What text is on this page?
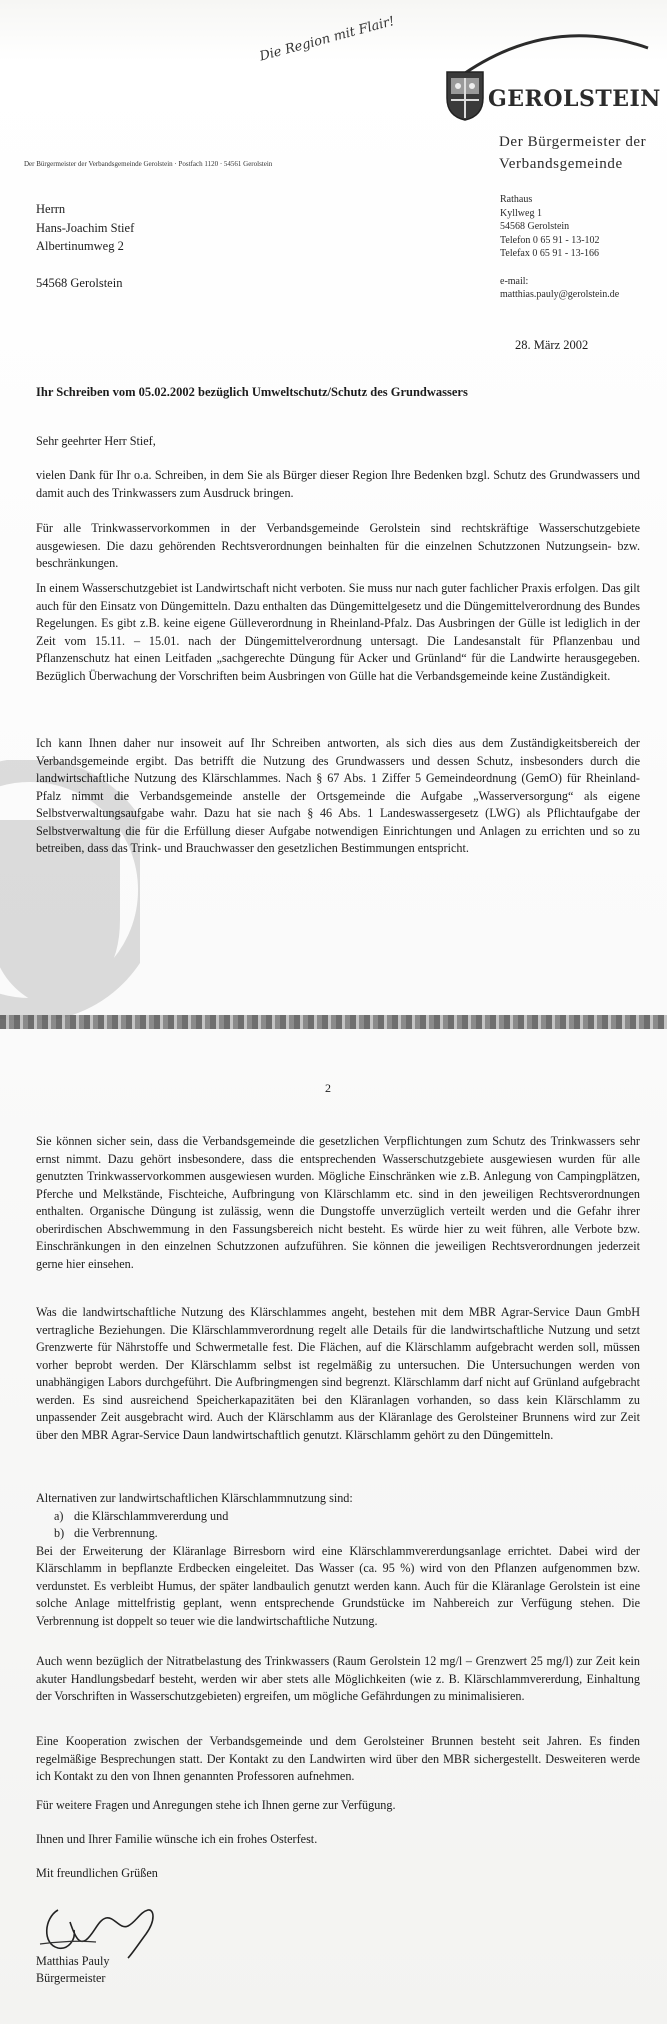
Die Region mit Flair!
GEROLSTEIN
Der Bürgermeister der
Verbandsgemeinde
Der Bürgermeister der Verbandsgemeinde Gerolstein · Postfach 1120 · 54561 Gerolstein
Herrn
Hans-Joachim Stief
Albertinumweg 2
54568 Gerolstein
Rathaus
Kyllweg 1
54568 Gerolstein
Telefon 0 65 91 - 13-102
Telefax 0 65 91 - 13-166
e-mail:
matthias.pauly@gerolstein.de
28. März 2002
Ihr Schreiben vom 05.02.2002 bezüglich Umweltschutz/Schutz des Grundwassers
Sehr geehrter Herr Stief,
vielen Dank für Ihr o.a. Schreiben, in dem Sie als Bürger dieser Region Ihre Bedenken bzgl. Schutz des Grundwassers und damit auch des Trinkwassers zum Ausdruck bringen.
Für alle Trinkwasservorkommen in der Verbandsgemeinde Gerolstein sind rechtskräftige Wasserschutzgebiete ausgewiesen. Die dazu gehörenden Rechtsverordnungen beinhalten für die einzelnen Schutzzonen Nutzungsein- bzw. beschränkungen.
In einem Wasserschutzgebiet ist Landwirtschaft nicht verboten. Sie muss nur nach guter fachlicher Praxis erfolgen. Das gilt auch für den Einsatz von Düngemitteln. Dazu enthalten das Düngemittelgesetz und die Düngemittelverordnung des Bundes Regelungen. Es gibt z.B. keine eigene Gülleverordnung in Rheinland-Pfalz. Das Ausbringen der Gülle ist lediglich in der Zeit vom 15.11. – 15.01. nach der Düngemittelverordnung untersagt. Die Landesanstalt für Pflanzenbau und Pflanzenschutz hat einen Leitfaden „sachgerechte Düngung für Acker und Grünland“ für die Landwirte herausgegeben. Bezüglich Überwachung der Vorschriften beim Ausbringen von Gülle hat die Verbandsgemeinde keine Zuständigkeit.
Ich kann Ihnen daher nur insoweit auf Ihr Schreiben antworten, als sich dies aus dem Zuständigkeitsbereich der Verbandsgemeinde ergibt. Das betrifft die Nutzung des Grundwassers und dessen Schutz, insbesonders durch die landwirtschaftliche Nutzung des Klärschlammes. Nach § 67 Abs. 1 Ziffer 5 Gemeindeordnung (GemO) für Rheinland-Pfalz nimmt die Verbandsgemeinde anstelle der Ortsgemeinde die Aufgabe „Wasserversorgung“ als eigene Selbstverwaltungsaufgabe wahr. Dazu hat sie nach § 46 Abs. 1 Landeswassergesetz (LWG) als Pflichtaufgabe der Selbstverwaltung die für die Erfüllung dieser Aufgabe notwendigen Einrichtungen und Anlagen zu errichten und so zu betreiben, dass das Trink- und Brauchwasser den gesetzlichen Bestimmungen entspricht.
2
Sie können sicher sein, dass die Verbandsgemeinde die gesetzlichen Verpflichtungen zum Schutz des Trinkwassers sehr ernst nimmt. Dazu gehört insbesondere, dass die entsprechenden Wasserschutzgebiete ausgewiesen wurden für alle genutzten Trinkwasservorkommen ausgewiesen wurden. Mögliche Einschränken wie z.B. Anlegung von Campingplätzen, Pferche und Melkstände, Fischteiche, Aufbringung von Klärschlamm etc. sind in den jeweiligen Rechtsverordnungen enthalten. Organische Düngung ist zulässig, wenn die Dungstoffe unverzüglich verteilt werden und die Gefahr ihrer oberirdischen Abschwemmung in den Fassungsbereich nicht besteht. Es würde hier zu weit führen, alle Verbote bzw. Einschränkungen in den einzelnen Schutzzonen aufzuführen. Sie können die jeweiligen Rechtsverordnungen jederzeit gerne hier einsehen.
Was die landwirtschaftliche Nutzung des Klärschlammes angeht, bestehen mit dem MBR Agrar-Service Daun GmbH vertragliche Beziehungen. Die Klärschlammverordnung regelt alle Details für die landwirtschaftliche Nutzung und setzt Grenzwerte für Nährstoffe und Schwermetalle fest. Die Flächen, auf die Klärschlamm aufgebracht werden soll, müssen vorher beprobt werden. Der Klärschlamm selbst ist regelmäßig zu untersuchen. Die Untersuchungen werden von unabhängigen Labors durchgeführt. Die Aufbringmengen sind begrenzt. Klärschlamm darf nicht auf Grünland aufgebracht werden. Es sind ausreichend Speicherkapazitäten bei den Kläranlagen vorhanden, so dass kein Klärschlamm zu unpassender Zeit ausgebracht wird. Auch der Klärschlamm aus der Kläranlage des Gerolsteiner Brunnens wird zur Zeit über den MBR Agrar-Service Daun landwirtschaftlich genutzt. Klärschlamm gehört zu den Düngemitteln.
Alternativen zur landwirtschaftlichen Klärschlammnutzung sind:
a) die Klärschlammvererdung und
b) die Verbrennung.
Bei der Erweiterung der Kläranlage Birresborn wird eine Klärschlammvererdungsanlage errichtet. Dabei wird der Klärschlamm in bepflanzte Erdbecken eingeleitet. Das Wasser (ca. 95 %) wird von den Pflanzen aufgenommen bzw. verdunstet. Es verbleibt Humus, der später landbaulich genutzt werden kann. Auch für die Kläranlage Gerolstein ist eine solche Anlage mittelfristig geplant, wenn entsprechende Grundstücke im Nahbereich zur Verfügung stehen. Die Verbrennung ist doppelt so teuer wie die landwirtschaftliche Nutzung.
Auch wenn bezüglich der Nitratbelastung des Trinkwassers (Raum Gerolstein 12 mg/l – Grenzwert 25 mg/l) zur Zeit kein akuter Handlungsbedarf besteht, werden wir aber stets alle Möglichkeiten (wie z. B. Klärschlammvererdung, Einhaltung der Vorschriften in Wasserschutzgebieten) ergreifen, um mögliche Gefährdungen zu minimalisieren.
Eine Kooperation zwischen der Verbandsgemeinde und dem Gerolsteiner Brunnen besteht seit Jahren. Es finden regelmäßige Besprechungen statt. Der Kontakt zu den Landwirten wird über den MBR sichergestellt. Desweiteren werde ich Kontakt zu den von Ihnen genannten Professoren aufnehmen.
Für weitere Fragen und Anregungen stehe ich Ihnen gerne zur Verfügung.
Ihnen und Ihrer Familie wünsche ich ein frohes Osterfest.
Mit freundlichen Grüßen
Matthias Pauly
Bürgermeister
